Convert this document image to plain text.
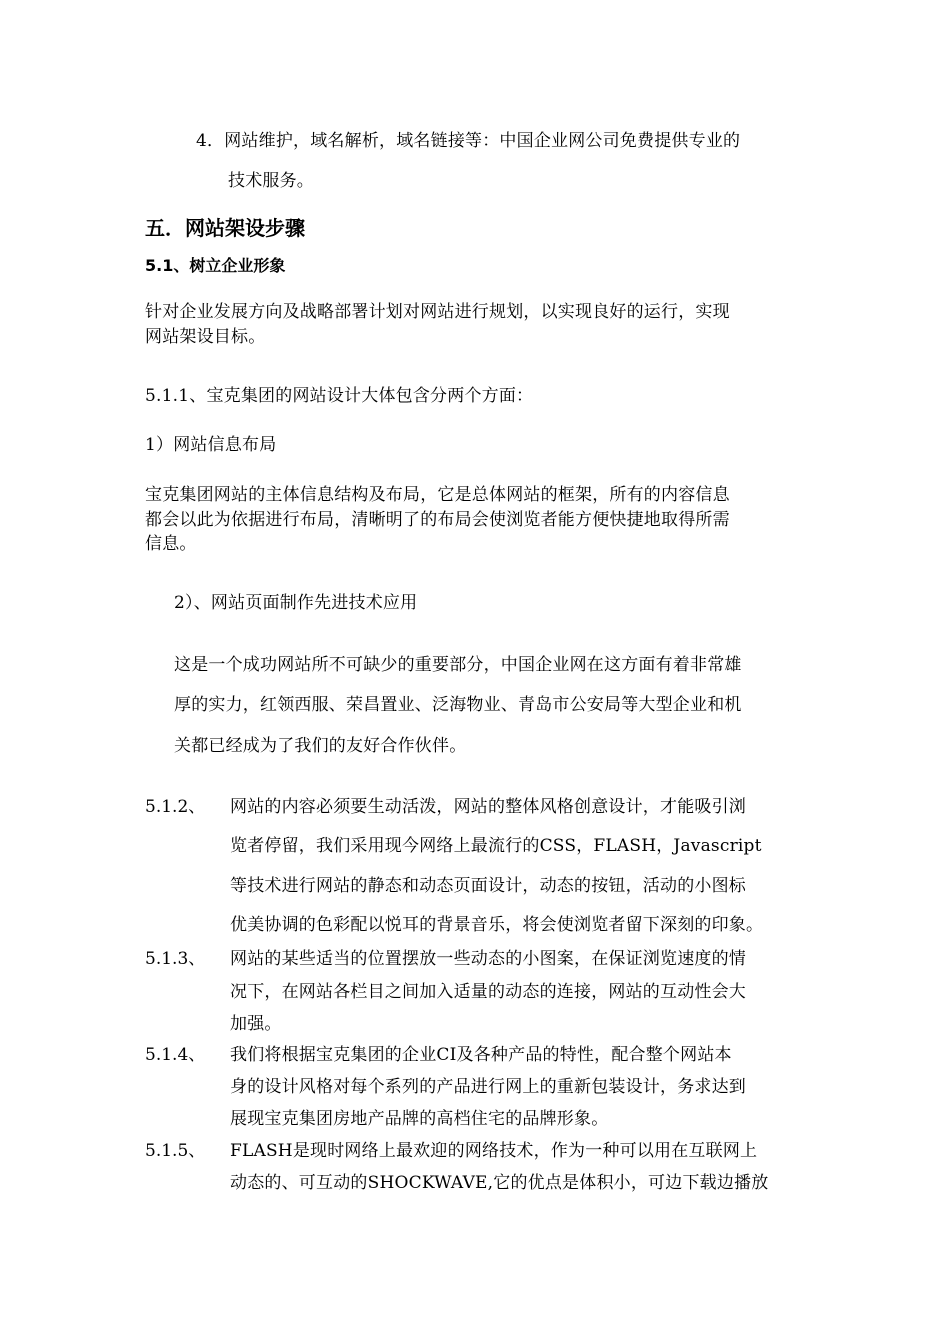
4．网站维护，域名解析，域名链接等：中国企业网公司免费提供专业的

技术服务。

五．网站架设步骤
5.1、树立企业形象

针对企业发展方向及战略部署计划对网站进行规划，以实现良好的运行，实现

网站架设目标。

5.1.1、宝克集团的网站设计大体包含分两个方面：

1）网站信息布局

宝克集团网站的主体信息结构及布局，它是总体网站的框架，所有的内容信息

都会以此为依据进行布局，清晰明了的布局会使浏览者能方便快捷地取得所需

信息。

2）、网站页面制作先进技术应用

这是一个成功网站所不可缺少的重要部分，中国企业网在这方面有着非常雄

厚的实力，红领西服、荣昌置业、泛海物业、青岛市公安局等大型企业和机

关都已经成为了我们的友好合作伙伴。

5.1.2、 网站的内容必须要生动活泼，网站的整体风格创意设计，才能吸引浏

览者停留，我们采用现今网络上最流行的CSS，FLASH，Javascript

等技术进行网站的静态和动态页面设计，动态的按钮，活动的小图标

优美协调的色彩配以悦耳的背景音乐，将会使浏览者留下深刻的印象。

5.1.3、 网站的某些适当的位置摆放一些动态的小图案，在保证浏览速度的情

况下，在网站各栏目之间加入适量的动态的连接，网站的互动性会大

加强。

5.1.4、 我们将根据宝克集团的企业CI及各种产品的特性，配合整个网站本

身的设计风格对每个系列的产品进行网上的重新包装设计，务求达到

展现宝克集团房地产品牌的高档住宅的品牌形象。

5.1.5、 FLASH是现时网络上最欢迎的网络技术，作为一种可以用在互联网上

动态的、可互动的SHOCKWAVE,它的优点是体积小，可边下载边播放
